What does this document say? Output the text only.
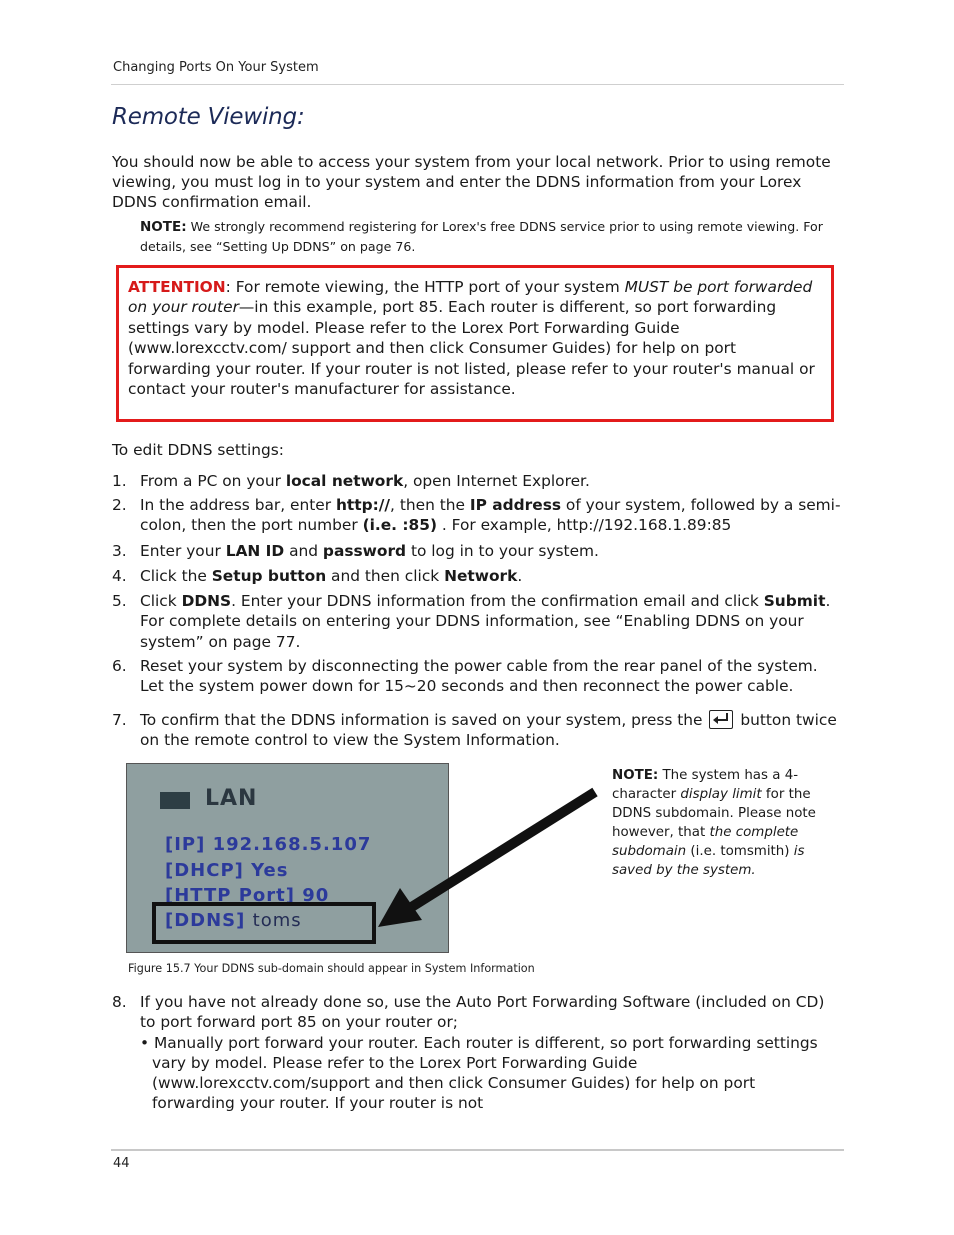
Changing Ports On Your System
Remote Viewing:
You should now be able to access your system from your local network. Prior to using remote viewing, you must log in to your system and enter the DDNS information from your Lorex DDNS confirmation email.
NOTE: We strongly recommend registering for Lorex's free DDNS service prior to using remote viewing. For details, see “Setting Up DDNS” on page 76.
ATTENTION: For remote viewing, the HTTP port of your system MUST be port forwarded on your router—in this example, port 85. Each router is different, so port forwarding settings vary by model. Please refer to the Lorex Port Forwarding Guide (www.lorexcctv.com/ support and then click Consumer Guides) for help on port forwarding your router. If your router is not listed, please refer to your router's manual or contact your router's manufacturer for assistance.
To edit DDNS settings:
1. From a PC on your local network, open Internet Explorer.
2. In the address bar, enter http://, then the IP address of your system, followed by a semi-colon, then the port number (i.e. :85) . For example, http://192.168.1.89:85
3. Enter your LAN ID and password to log in to your system.
4. Click the Setup button and then click Network.
5. Click DDNS. Enter your DDNS information from the confirmation email and click Submit. For complete details on entering your DDNS information, see “Enabling DDNS on your system” on page 77.
6. Reset your system by disconnecting the power cable from the rear panel of the system. Let the system power down for 15~20 seconds and then reconnect the power cable.
7. To confirm that the DDNS information is saved on your system, press the
button twice on the remote control to view the System Information.
LAN
[IP] 192.168.5.107
[DHCP] Yes
[HTTP Port] 90
[DDNS] toms
NOTE: The system has a 4-character display limit for the DDNS subdomain. Please note however, that the complete subdomain (i.e. tomsmith) is saved by the system.
Figure 15.7 Your DDNS sub-domain should appear in System Information
8. If you have not already done so, use the Auto Port Forwarding Software (included on CD) to port forward port 85 on your router or;
• Manually port forward your router. Each router is different, so port forwarding settings vary by model. Please refer to the Lorex Port Forwarding Guide (www.lorexcctv.com/support and then click Consumer Guides) for help on port forwarding your router. If your router is not
44
